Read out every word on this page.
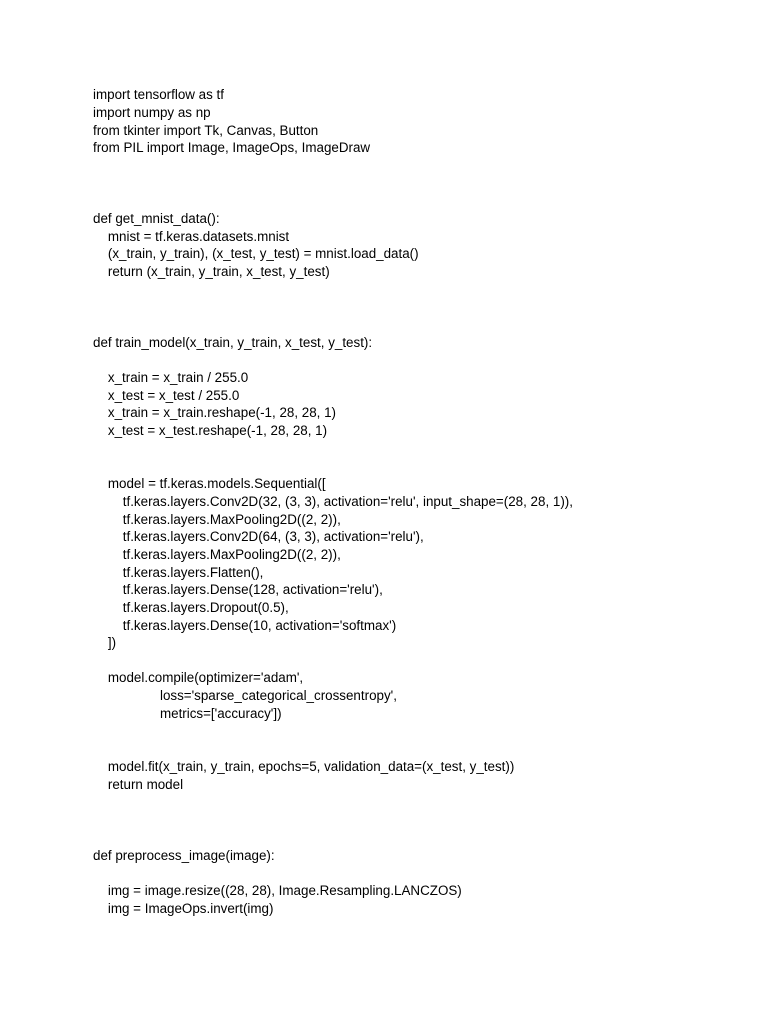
import tensorflow as tf
import numpy as np
from tkinter import Tk, Canvas, Button
from PIL import Image, ImageOps, ImageDraw
def get_mnist_data():
mnist = tf.keras.datasets.mnist
(x_train, y_train), (x_test, y_test) = mnist.load_data()
return (x_train, y_train, x_test, y_test)
def train_model(x_train, y_train, x_test, y_test):
x_train = x_train / 255.0
x_test = x_test / 255.0
x_train = x_train.reshape(-1, 28, 28, 1)
x_test = x_test.reshape(-1, 28, 28, 1)
model = tf.keras.models.Sequential([
tf.keras.layers.Conv2D(32, (3, 3), activation='relu', input_shape=(28, 28, 1)),
tf.keras.layers.MaxPooling2D((2, 2)),
tf.keras.layers.Conv2D(64, (3, 3), activation='relu'),
tf.keras.layers.MaxPooling2D((2, 2)),
tf.keras.layers.Flatten(),
tf.keras.layers.Dense(128, activation='relu'),
tf.keras.layers.Dropout(0.5),
tf.keras.layers.Dense(10, activation='softmax')
])
model.compile(optimizer='adam',
loss='sparse_categorical_crossentropy',
metrics=['accuracy'])
model.fit(x_train, y_train, epochs=5, validation_data=(x_test, y_test))
return model
def preprocess_image(image):
img = image.resize((28, 28), Image.Resampling.LANCZOS)
img = ImageOps.invert(img)
